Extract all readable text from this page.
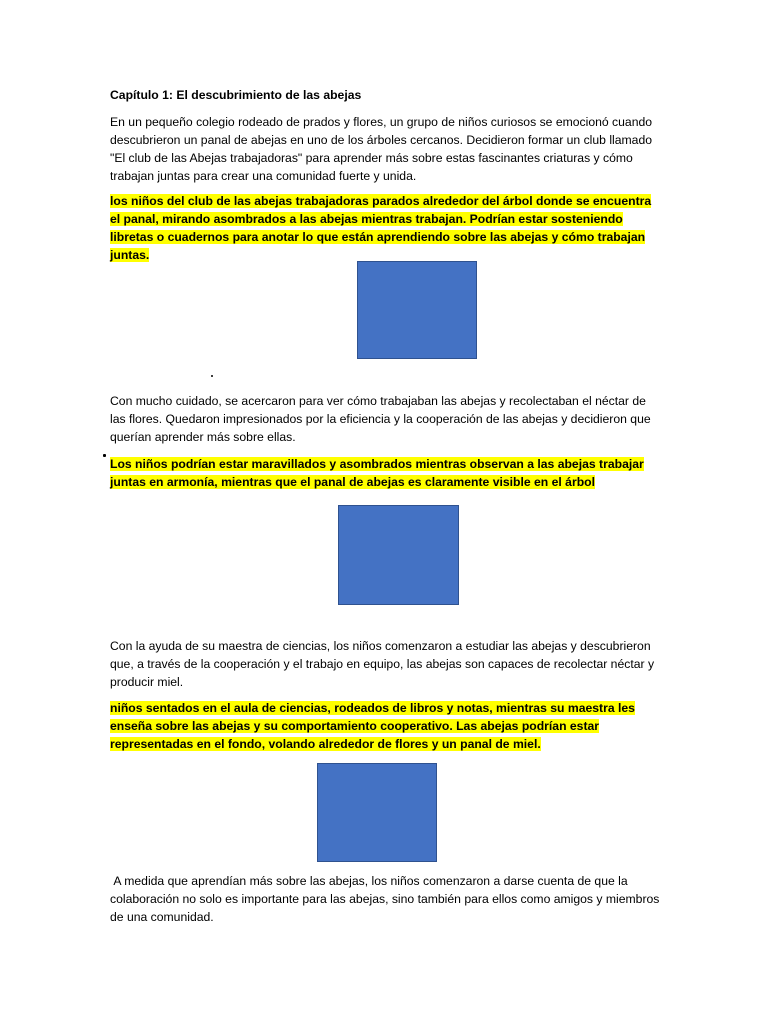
Capítulo 1: El descubrimiento de las abejas
En un pequeño colegio rodeado de prados y flores, un grupo de niños curiosos se emocionó cuando descubrieron un panal de abejas en uno de los árboles cercanos. Decidieron formar un club llamado "El club de las Abejas trabajadoras" para aprender más sobre estas fascinantes criaturas y cómo trabajan juntas para crear una comunidad fuerte y unida.
los niños del club de las abejas trabajadoras parados alrededor del árbol donde se encuentra el panal, mirando asombrados a las abejas mientras trabajan. Podrían estar sosteniendo libretas o cuadernos para anotar lo que están aprendiendo sobre las abejas y cómo trabajan juntas.
Con mucho cuidado, se acercaron para ver cómo trabajaban las abejas y recolectaban el néctar de las flores. Quedaron impresionados por la eficiencia y la cooperación de las abejas y decidieron que querían aprender más sobre ellas.
Los niños podrían estar maravillados y asombrados mientras observan a las abejas trabajar juntas en armonía, mientras que el panal de abejas es claramente visible en el árbol
Con la ayuda de su maestra de ciencias, los niños comenzaron a estudiar las abejas y descubrieron que, a través de la cooperación y el trabajo en equipo, las abejas son capaces de recolectar néctar y producir miel.
niños sentados en el aula de ciencias, rodeados de libros y notas, mientras su maestra les enseña sobre las abejas y su comportamiento cooperativo. Las abejas podrían estar representadas en el fondo, volando alrededor de flores y un panal de miel.
A medida que aprendían más sobre las abejas, los niños comenzaron a darse cuenta de que la colaboración no solo es importante para las abejas, sino también para ellos como amigos y miembros de una comunidad.
